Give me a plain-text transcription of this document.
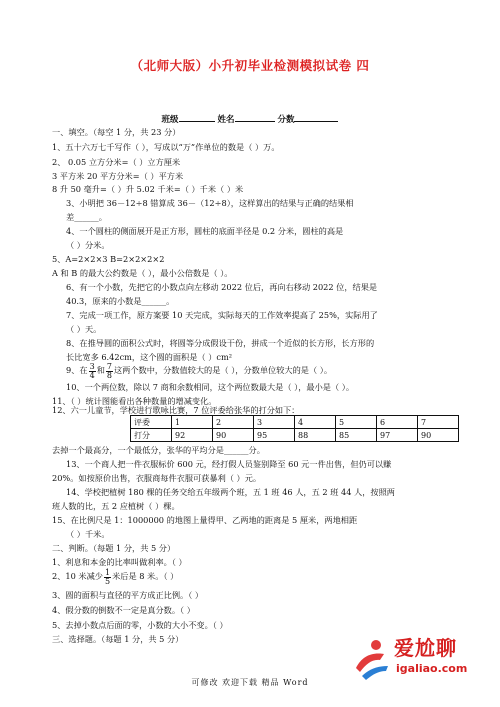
（北师大版）小升初毕业检测模拟试卷 四
班级	姓名	分数
一、填空。（每空 1 分，共 23 分）
1、五十六万七千写作（ ），写成以“万”作单位的数是（ ）万。
2、 0.05 立方分米=（ ）立方厘米
3 平方米 20 平方分米=（ ）平方米
8 升 50 毫升=（ ）升 5.02 千米=（ ）千米（ ）米
3、小明把 36－12÷8 错算成 36－（12÷8），这样算出的结果与正确的结果相
差______。
4、一个圆柱的侧面展开是正方形，圆柱的底面半径是 0.2 分米，圆柱的高是
（ ）分米。
5、A=2×2×3 B=2×2×2×2
A 和 B 的最大公约数是（ ），最小公倍数是（ ）。
6、有一个小数，先把它的小数点向左移动 2022 位后，再向右移动 2022 位，结果是
40.3，原来的小数是______。
7、完成一项工作，原方案要 10 天完成，实际每天的工作效率提高了 25%，实际用了
（ ）天。
8、在推导圆的面积公式时，将圆等分成假设干份，拼成一个近似的长方形，长方形的
长比宽多 6.42cm，这个圆的面积是（ ）cm²
9、在 $\frac{3}{4}$ 和 $\frac{7}{8}$ 这两个数中，分数值较大的是（ ），分数单位较大的是（ ）。
10、一个两位数，除以 7 商和余数相同，这个两位数最大是（ ），最小是（ ）。
11、（ ）统计图能看出各种数量的增减变化。
12、六一儿童节，学校进行歌咏比赛，7 位评委给张华的打分如下：
评委	1	2	3	4	5	6	7
打分	92	90	95	88	85	97	90
去掉一个最高分，一个最低分，张华的平均分是______分。
13、一个商人把一件衣服标价 600 元，经打假人员鉴别降至 60 元一件出售，但仍可以赚
20%。如按原价出售，衣服商每件衣服可获暴利（ ）元。
14、学校把植树 180 棵的任务交给五年级两个班，五 1 班 46 人，五 2 班 44 人，按照两
班人数的比，五 2 应植树（ ）棵。
15、在比例尺是 1：1000000 的地图上量得甲、乙两地的距离是 5 厘米，两地相距
（ ）千米。
二、判断。（每题 1 分，共 5 分）
1、利息和本金的比率叫做利率。（ ）
2、10 米减少 $\frac{1}{5}$ 米后是 8 米。（ ）
3、圆的面积与直径的平方成正比例。（ ）
4、假分数的倒数不一定是真分数。（ ）
5、去掉小数点后面的零，小数的大小不变。（ ）
三、选择题。（每题 1 分，共 5 分）
可修改 欢迎下载 精品 Word
爱尬聊
igaliao.com
